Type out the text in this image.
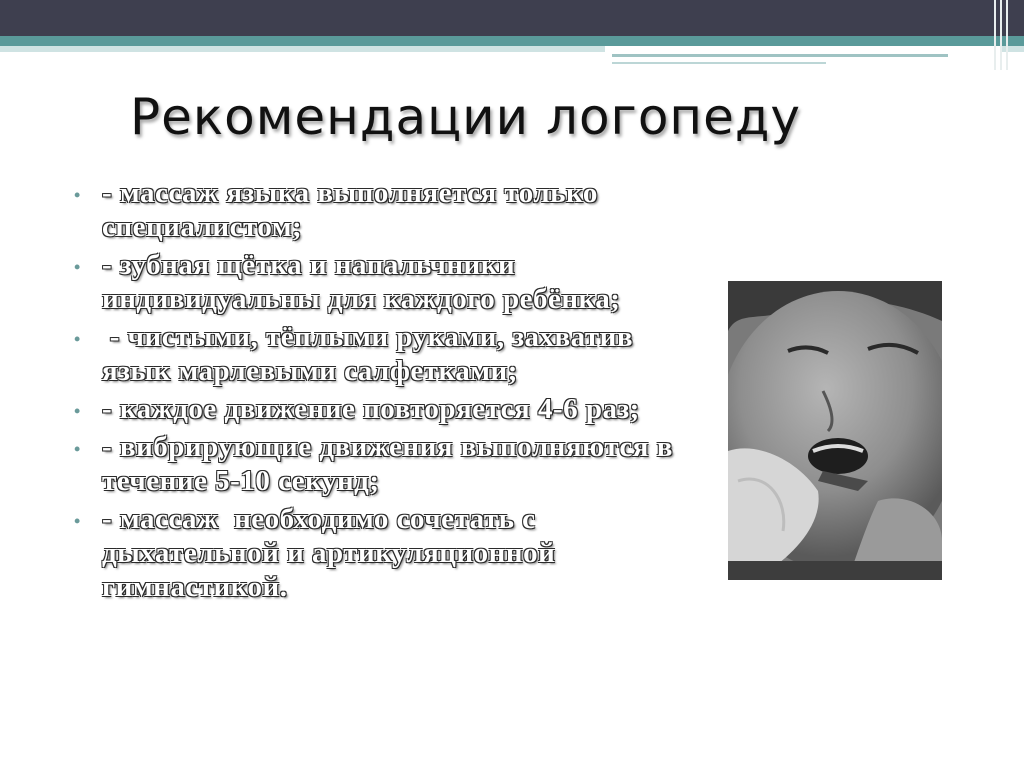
Рекомендации логопеду
• - массаж языка выполняется только специалистом;
• - зубная щётка и напальчники индивидуальны для каждого ребёнка;
• - чистыми, тёплыми руками, захватив язык марлевыми салфетками;
• - каждое движение повторяется 4-6 раз;
• - вибрирующие движения выполняются в течение 5-10 секунд;
• - массаж  необходимо сочетать с дыхательной и артикуляционной гимнастикой.
